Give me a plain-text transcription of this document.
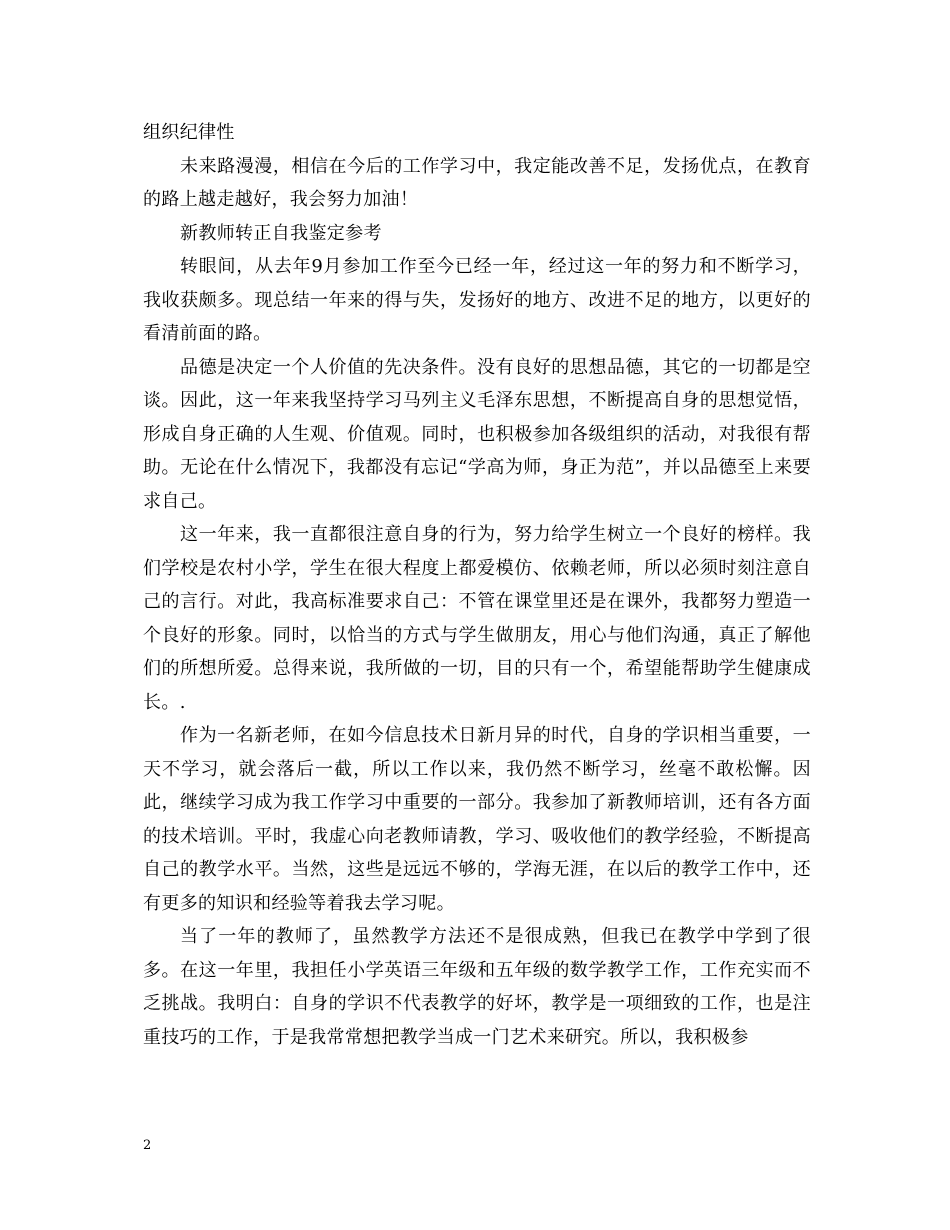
组织纪律性

未来路漫漫，相信在今后的工作学习中，我定能改善不足，发扬优点，在教育的路上越走越好，我会努力加油！

新教师转正自我鉴定参考

转眼间，从去年9月参加工作至今已经一年，经过这一年的努力和不断学习，我收获颇多。现总结一年来的得与失，发扬好的地方、改进不足的地方，以更好的看清前面的路。

品德是决定一个人价值的先决条件。没有良好的思想品德，其它的一切都是空谈。因此，这一年来我坚持学习马列主义毛泽东思想，不断提高自身的思想觉悟，形成自身正确的人生观、价值观。同时，也积极参加各级组织的活动，对我很有帮助。无论在什么情况下，我都没有忘记“学高为师，身正为范”，并以品德至上来要求自己。

这一年来，我一直都很注意自身的行为，努力给学生树立一个良好的榜样。我们学校是农村小学，学生在很大程度上都爱模仿、依赖老师，所以必须时刻注意自己的言行。对此，我高标准要求自己：不管在课堂里还是在课外，我都努力塑造一个良好的形象。同时，以恰当的方式与学生做朋友，用心与他们沟通，真正了解他们的所想所爱。总得来说，我所做的一切，目的只有一个，希望能帮助学生健康成长。.

作为一名新老师，在如今信息技术日新月异的时代，自身的学识相当重要，一天不学习，就会落后一截，所以工作以来，我仍然不断学习，丝毫不敢松懈。因此，继续学习成为我工作学习中重要的一部分。我参加了新教师培训，还有各方面的技术培训。平时，我虚心向老教师请教，学习、吸收他们的教学经验，不断提高自己的教学水平。当然，这些是远远不够的，学海无涯，在以后的教学工作中，还有更多的知识和经验等着我去学习呢。

当了一年的教师了，虽然教学方法还不是很成熟，但我已在教学中学到了很多。在这一年里，我担任小学英语三年级和五年级的数学教学工作，工作充实而不乏挑战。我明白：自身的学识不代表教学的好坏，教学是一项细致的工作，也是注重技巧的工作，于是我常常想把教学当成一门艺术来研究。所以，我积极参

2
